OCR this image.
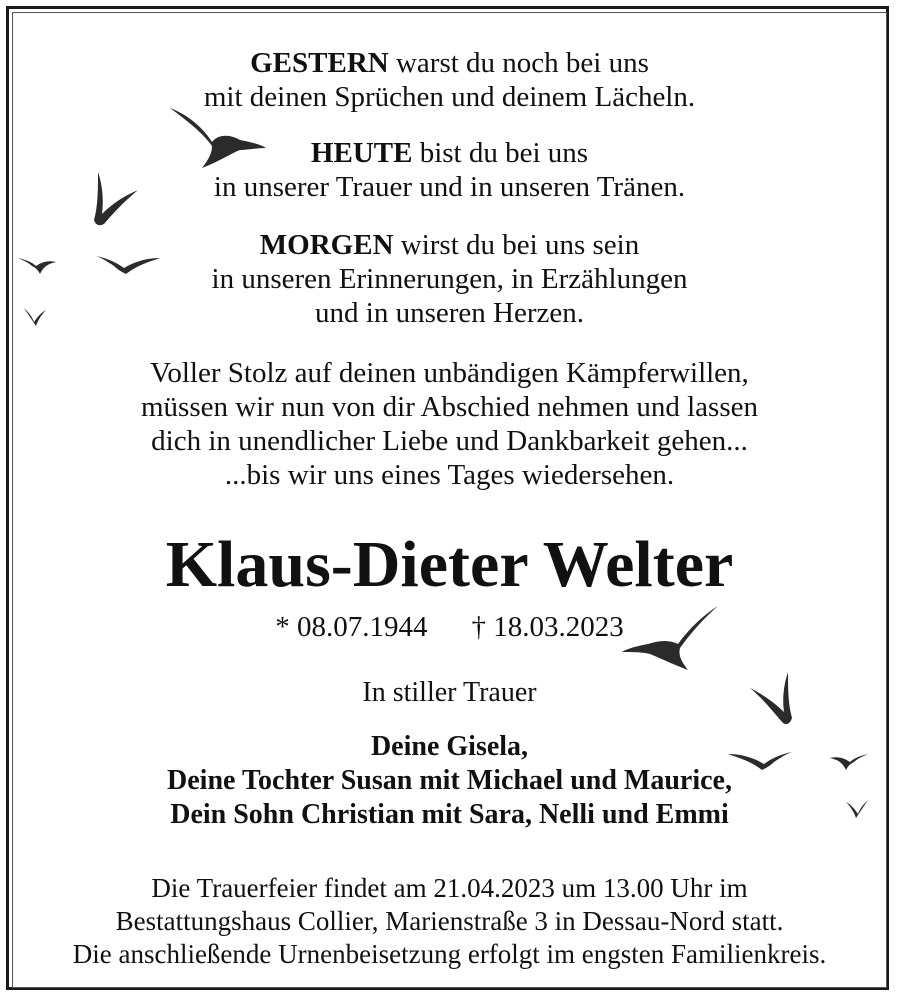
GESTERN warst du noch bei uns
mit deinen Sprüchen und deinem Lächeln.
HEUTE bist du bei uns
in unserer Trauer und in unseren Tränen.
MORGEN wirst du bei uns sein
in unseren Erinnerungen, in Erzählungen
und in unseren Herzen.
Voller Stolz auf deinen unbändigen Kämpferwillen,
müssen wir nun von dir Abschied nehmen und lassen
dich in unendlicher Liebe und Dankbarkeit gehen...
...bis wir uns eines Tages wiedersehen.
Klaus-Dieter Welter
* 08.07.1944 † 18.03.2023
In stiller Trauer
Deine Gisela,
Deine Tochter Susan mit Michael und Maurice,
Dein Sohn Christian mit Sara, Nelli und Emmi
Die Trauerfeier findet am 21.04.2023 um 13.00 Uhr im
Bestattungshaus Collier, Marienstraße 3 in Dessau-Nord statt.
Die anschließende Urnenbeisetzung erfolgt im engsten Familienkreis.
